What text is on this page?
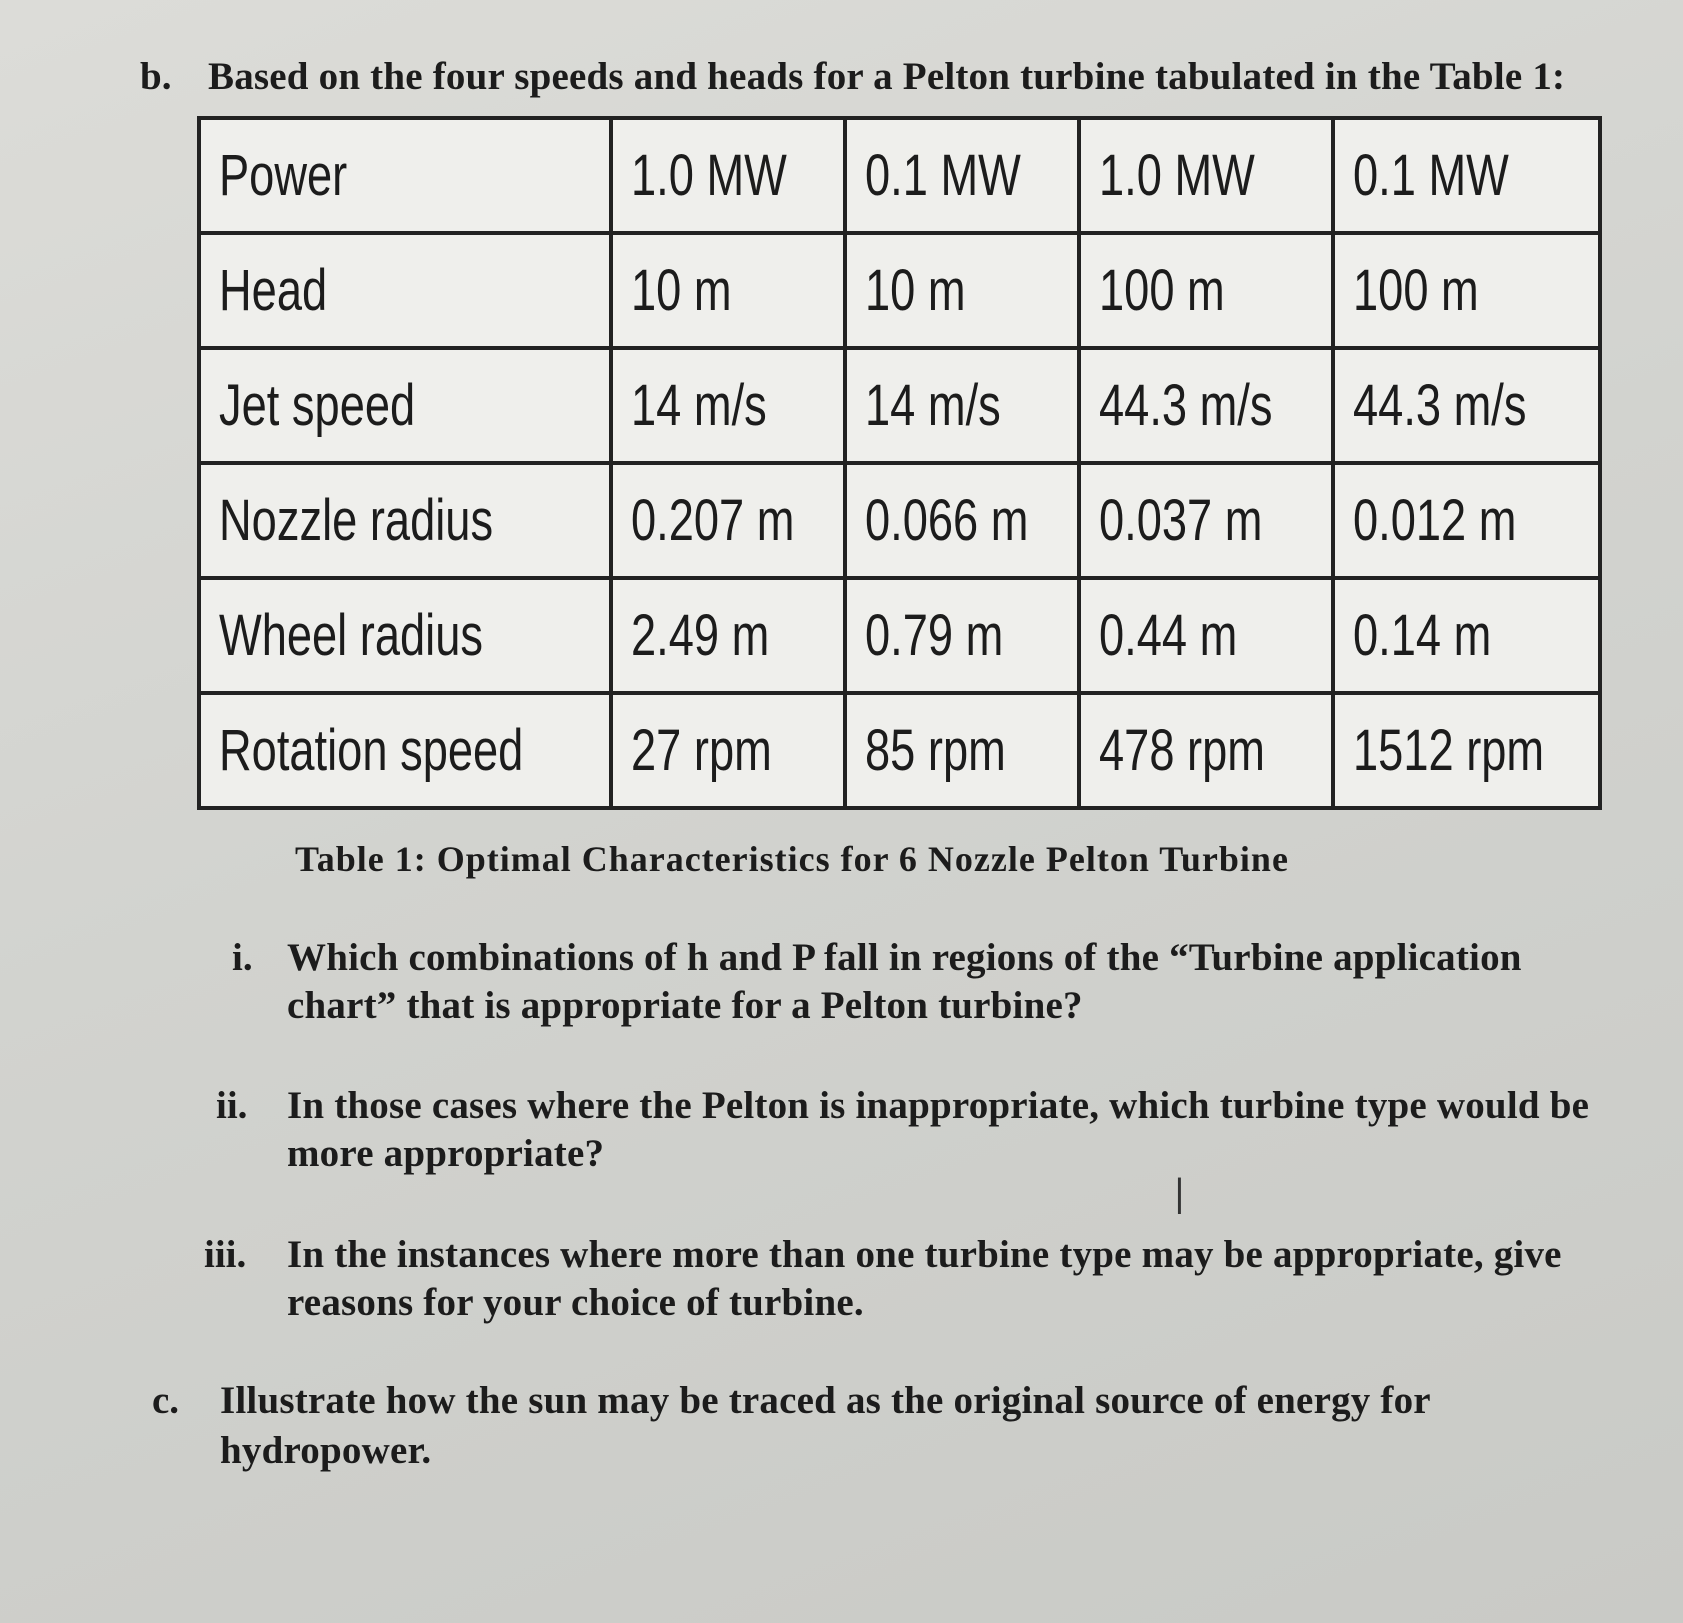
b. Based on the four speeds and heads for a Pelton turbine tabulated in the Table 1:
Power	1.0 MW	0.1 MW	1.0 MW	0.1 MW
Head	10 m	10 m	100 m	100 m
Jet speed	14 m/s	14 m/s	44.3 m/s	44.3 m/s
Nozzle radius	0.207 m	0.066 m	0.037 m	0.012 m
Wheel radius	2.49 m	0.79 m	0.44 m	0.14 m
Rotation speed	27 rpm	85 rpm	478 rpm	1512 rpm
Table 1: Optimal Characteristics for 6 Nozzle Pelton Turbine
i. Which combinations of h and P fall in regions of the “Turbine application
chart” that is appropriate for a Pelton turbine?
ii. In those cases where the Pelton is inappropriate, which turbine type would be
more appropriate?
iii. In the instances where more than one turbine type may be appropriate, give
reasons for your choice of turbine.
c. Illustrate how the sun may be traced as the original source of energy for
hydropower.
I
